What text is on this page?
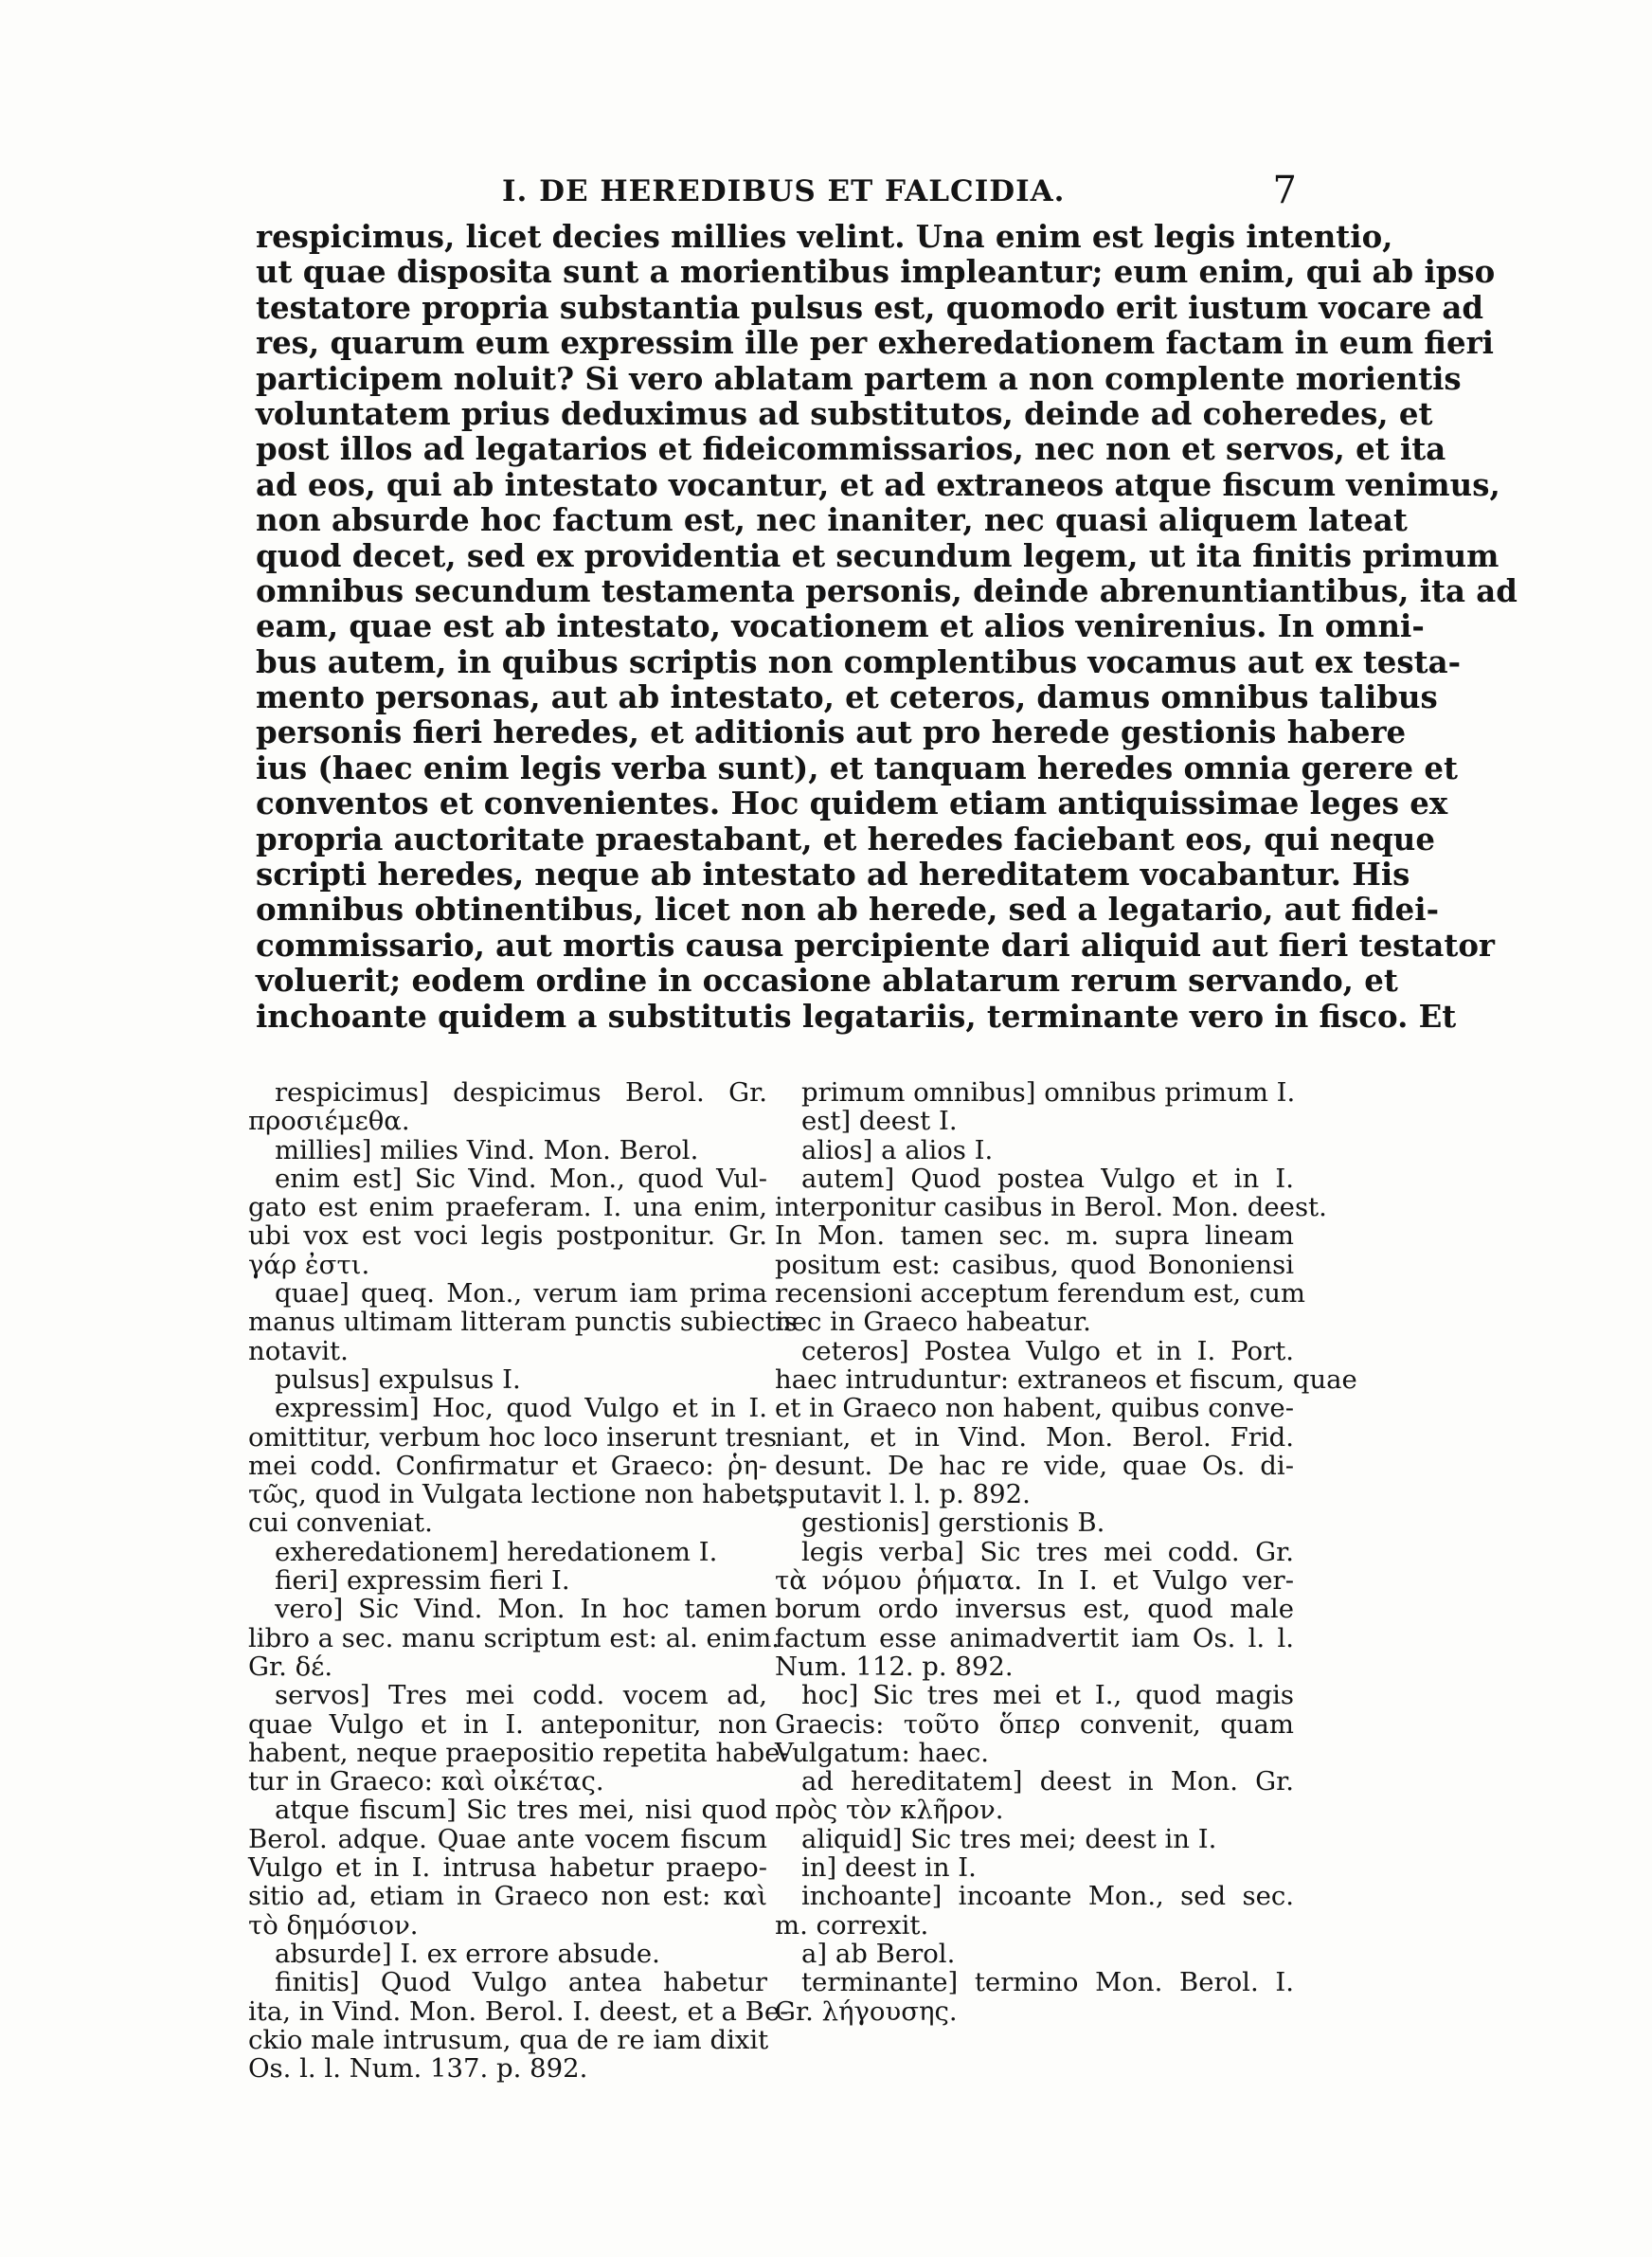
I. DE HEREDIBUS ET FALCIDIA.	7
respicimus, licet decies millies velint. Una enim est legis intentio,
ut quae disposita sunt a morientibus impleantur; eum enim, qui ab ipso
testatore propria substantia pulsus est, quomodo erit iustum vocare ad
res, quarum eum expressim ille per exheredationem factam in eum fieri
participem noluit? Si vero ablatam partem a non complente morientis
voluntatem prius deduximus ad substitutos, deinde ad coheredes, et
post illos ad legatarios et fideicommissarios, nec non et servos, et ita
ad eos, qui ab intestato vocantur, et ad extraneos atque fiscum venimus,
non absurde hoc factum est, nec inaniter, nec quasi aliquem lateat
quod decet, sed ex providentia et secundum legem, ut ita finitis primum
omnibus secundum testamenta personis, deinde abrenuntiantibus, ita ad
eam, quae est ab intestato, vocationem et alios venirenius. In omni-
bus autem, in quibus scriptis non complentibus vocamus aut ex testa-
mento personas, aut ab intestato, et ceteros, damus omnibus talibus
personis fieri heredes, et aditionis aut pro herede gestionis habere
ius (haec enim legis verba sunt), et tanquam heredes omnia gerere et
conventos et convenientes. Hoc quidem etiam antiquissimae leges ex
propria auctoritate praestabant, et heredes faciebant eos, qui neque
scripti heredes, neque ab intestato ad hereditatem vocabantur. His
omnibus obtinentibus, licet non ab herede, sed a legatario, aut fidei-
commissario, aut mortis causa percipiente dari aliquid aut fieri testator
voluerit; eodem ordine in occasione ablatarum rerum servando, et
inchoante quidem a substitutis legatariis, terminante vero in fisco. Et
respicimus] despicimus Berol. Gr.
προσιέμεθα.
millies] milies Vind. Mon. Berol.
enim est] Sic Vind. Mon., quod Vul-
gato est enim praeferam. I. una enim,
ubi vox est voci legis postponitur. Gr.
γάρ ἐστι.
quae] queq. Mon., verum iam prima
manus ultimam litteram punctis subiectis
notavit.
pulsus] expulsus I.
expressim] Hoc, quod Vulgo et in I.
omittitur, verbum hoc loco inserunt tres
mei codd. Confirmatur et Graeco: ῥη-
τῶς, quod in Vulgata lectione non habet,
cui conveniat.
exheredationem] heredationem I.
fieri] expressim fieri I.
vero] Sic Vind. Mon. In hoc tamen
libro a sec. manu scriptum est: al. enim.
Gr. δέ.
servos] Tres mei codd. vocem ad,
quae Vulgo et in I. anteponitur, non
habent, neque praepositio repetita habe-
tur in Graeco: καὶ οἰκέτας.
atque fiscum] Sic tres mei, nisi quod
Berol. adque. Quae ante vocem fiscum
Vulgo et in I. intrusa habetur praepo-
sitio ad, etiam in Graeco non est: καὶ
τὸ δημόσιον.
absurde] I. ex errore absude.
finitis] Quod Vulgo antea habetur
ita, in Vind. Mon. Berol. I. deest, et a Be-
ckio male intrusum, qua de re iam dixit
Os. l. l. Num. 137. p. 892.
primum omnibus] omnibus primum I.
est] deest I.
alios] a alios I.
autem] Quod postea Vulgo et in I.
interponitur casibus in Berol. Mon. deest.
In Mon. tamen sec. m. supra lineam
positum est: casibus, quod Bononiensi
recensioni acceptum ferendum est, cum
nec in Graeco habeatur.
ceteros] Postea Vulgo et in I. Port.
haec intruduntur: extraneos et fiscum, quae
et in Graeco non habent, quibus conve-
niant, et in Vind. Mon. Berol. Frid.
desunt. De hac re vide, quae Os. di-
sputavit l. l. p. 892.
gestionis] gerstionis B.
legis verba] Sic tres mei codd. Gr.
τὰ νόμου ῥήματα. In I. et Vulgo ver-
borum ordo inversus est, quod male
factum esse animadvertit iam Os. l. l.
Num. 112. p. 892.
hoc] Sic tres mei et I., quod magis
Graecis: τοῦτο ὅπερ convenit, quam
Vulgatum: haec.
ad hereditatem] deest in Mon. Gr.
πρὸς τὸν κλῆρον.
aliquid] Sic tres mei; deest in I.
in] deest in I.
inchoante] incoante Mon., sed sec.
m. correxit.
a] ab Berol.
terminante] termino Mon. Berol. I.
Gr. λήγουσης.
